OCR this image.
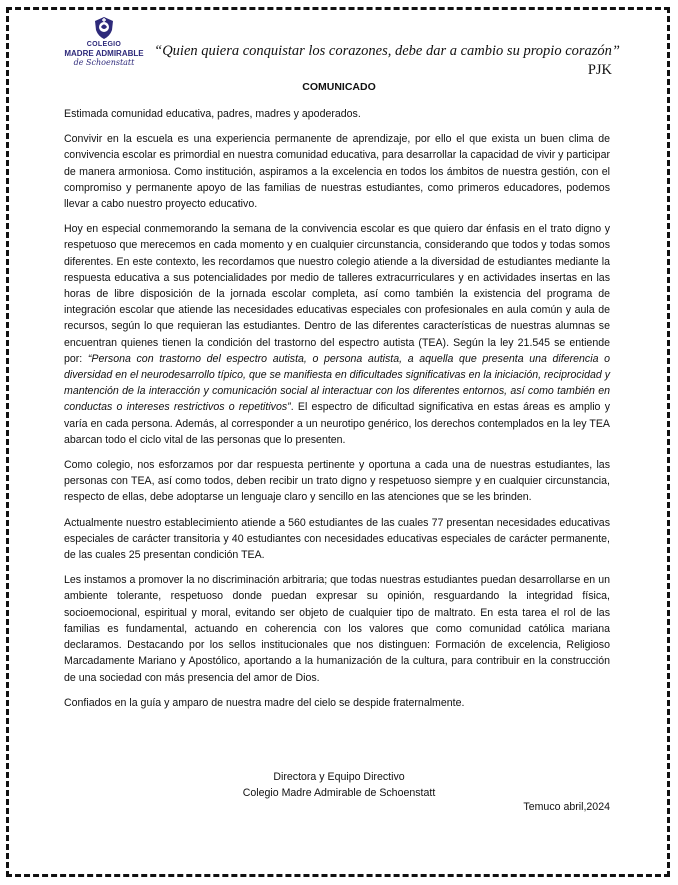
COLEGIO
MADRE ADMIRABLE
de Schoenstatt
“Quien quiera conquistar los corazones, debe dar a cambio su propio corazón”
PJK
COMUNICADO

Estimada comunidad educativa, padres, madres y apoderados.

Convivir en la escuela es una experiencia permanente de aprendizaje, por ello el que exista un buen clima de convivencia escolar es primordial en nuestra comunidad educativa, para desarrollar la capacidad de vivir y participar de manera armoniosa. Como institución, aspiramos a la excelencia en todos los ámbitos de nuestra gestión, con el compromiso y permanente apoyo de las familias de nuestras estudiantes, como primeros educadores, podemos llevar a cabo nuestro proyecto educativo.

Hoy en especial conmemorando la semana de la convivencia escolar es que quiero dar énfasis en el trato digno y respetuoso que merecemos en cada momento y en cualquier circunstancia, considerando que todos y todas somos diferentes. En este contexto, les recordamos que nuestro colegio atiende a la diversidad de estudiantes mediante la respuesta educativa a sus potencialidades por medio de talleres extracurriculares y en actividades insertas en las horas de libre disposición de la jornada escolar completa, así como también la existencia del programa de integración escolar que atiende las necesidades educativas especiales con profesionales en aula común y aula de recursos, según lo que requieran las estudiantes. Dentro de las diferentes características de nuestras alumnas se encuentran quienes tienen la condición del trastorno del espectro autista (TEA). Según la ley 21.545 se entiende por: “Persona con trastorno del espectro autista, o persona autista, a aquella que presenta una diferencia o diversidad en el neurodesarrollo típico, que se manifiesta en dificultades significativas en la iniciación, reciprocidad y mantención de la interacción y comunicación social al interactuar con los diferentes entornos, así como también en conductas o intereses restrictivos o repetitivos”. El espectro de dificultad significativa en estas áreas es amplio y varía en cada persona. Además, al corresponder a un neurotipo genérico, los derechos contemplados en la ley TEA abarcan todo el ciclo vital de las personas que lo presenten.

Como colegio, nos esforzamos por dar respuesta pertinente y oportuna a cada una de nuestras estudiantes, las personas con TEA, así como todos, deben recibir un trato digno y respetuoso siempre y en cualquier circunstancia, respecto de ellas, debe adoptarse un lenguaje claro y sencillo en las atenciones que se les brinden.

Actualmente nuestro establecimiento atiende a 560 estudiantes de las cuales 77 presentan necesidades educativas especiales de carácter transitoria y 40 estudiantes con necesidades educativas especiales de carácter permanente, de las cuales 25 presentan condición TEA.

Les instamos a promover la no discriminación arbitraria; que todas nuestras estudiantes puedan desarrollarse en un ambiente tolerante, respetuoso donde puedan expresar su opinión, resguardando la integridad física, socioemocional, espiritual y moral, evitando ser objeto de cualquier tipo de maltrato. En esta tarea el rol de las familias es fundamental, actuando en coherencia con los valores que como comunidad católica mariana declaramos. Destacando por los sellos institucionales que nos distinguen: Formación de excelencia, Religioso Marcadamente Mariano y Apostólico, aportando a la humanización de la cultura, para contribuir en la construcción de una sociedad con más presencia del amor de Dios.

Confiados en la guía y amparo de nuestra madre del cielo se despide fraternalmente.

Directora y Equipo Directivo
Colegio Madre Admirable de Schoenstatt
Temuco abril,2024
